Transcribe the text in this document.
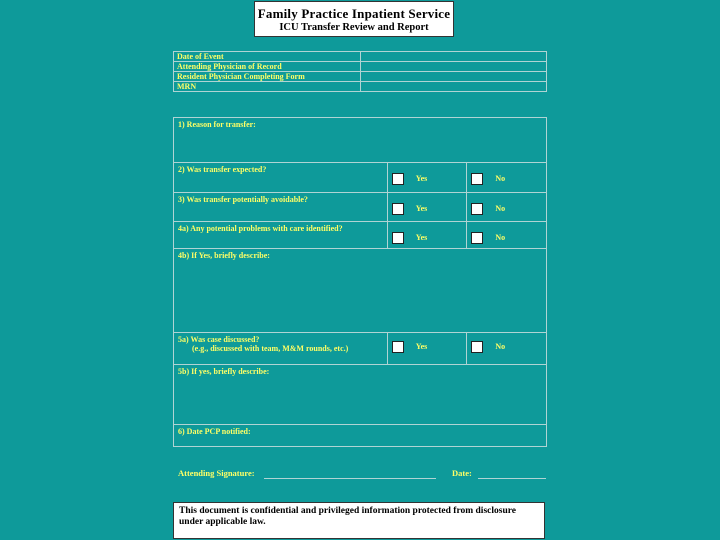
Family Practice Inpatient Service
ICU Transfer Review and Report
Date of Event	
Attending Physician of Record	
Resident Physician Completing Form	
MRN	
1) Reason for transfer:		
2) Was transfer expected?	Yes	No

3) Was transfer potentially avoidable?	Yes	No

4a) Any potential problems with care identified?	Yes	No

4b) If Yes, briefly describe:		

5a) Was case discussed?
(e.g., discussed with team, M&M rounds, etc.)	Yes	No

5b) If yes, briefly describe:		
6) Date PCP notified:		
Attending Signature:	Date:
This document is confidential and privileged information protected from disclosure under applicable law.
